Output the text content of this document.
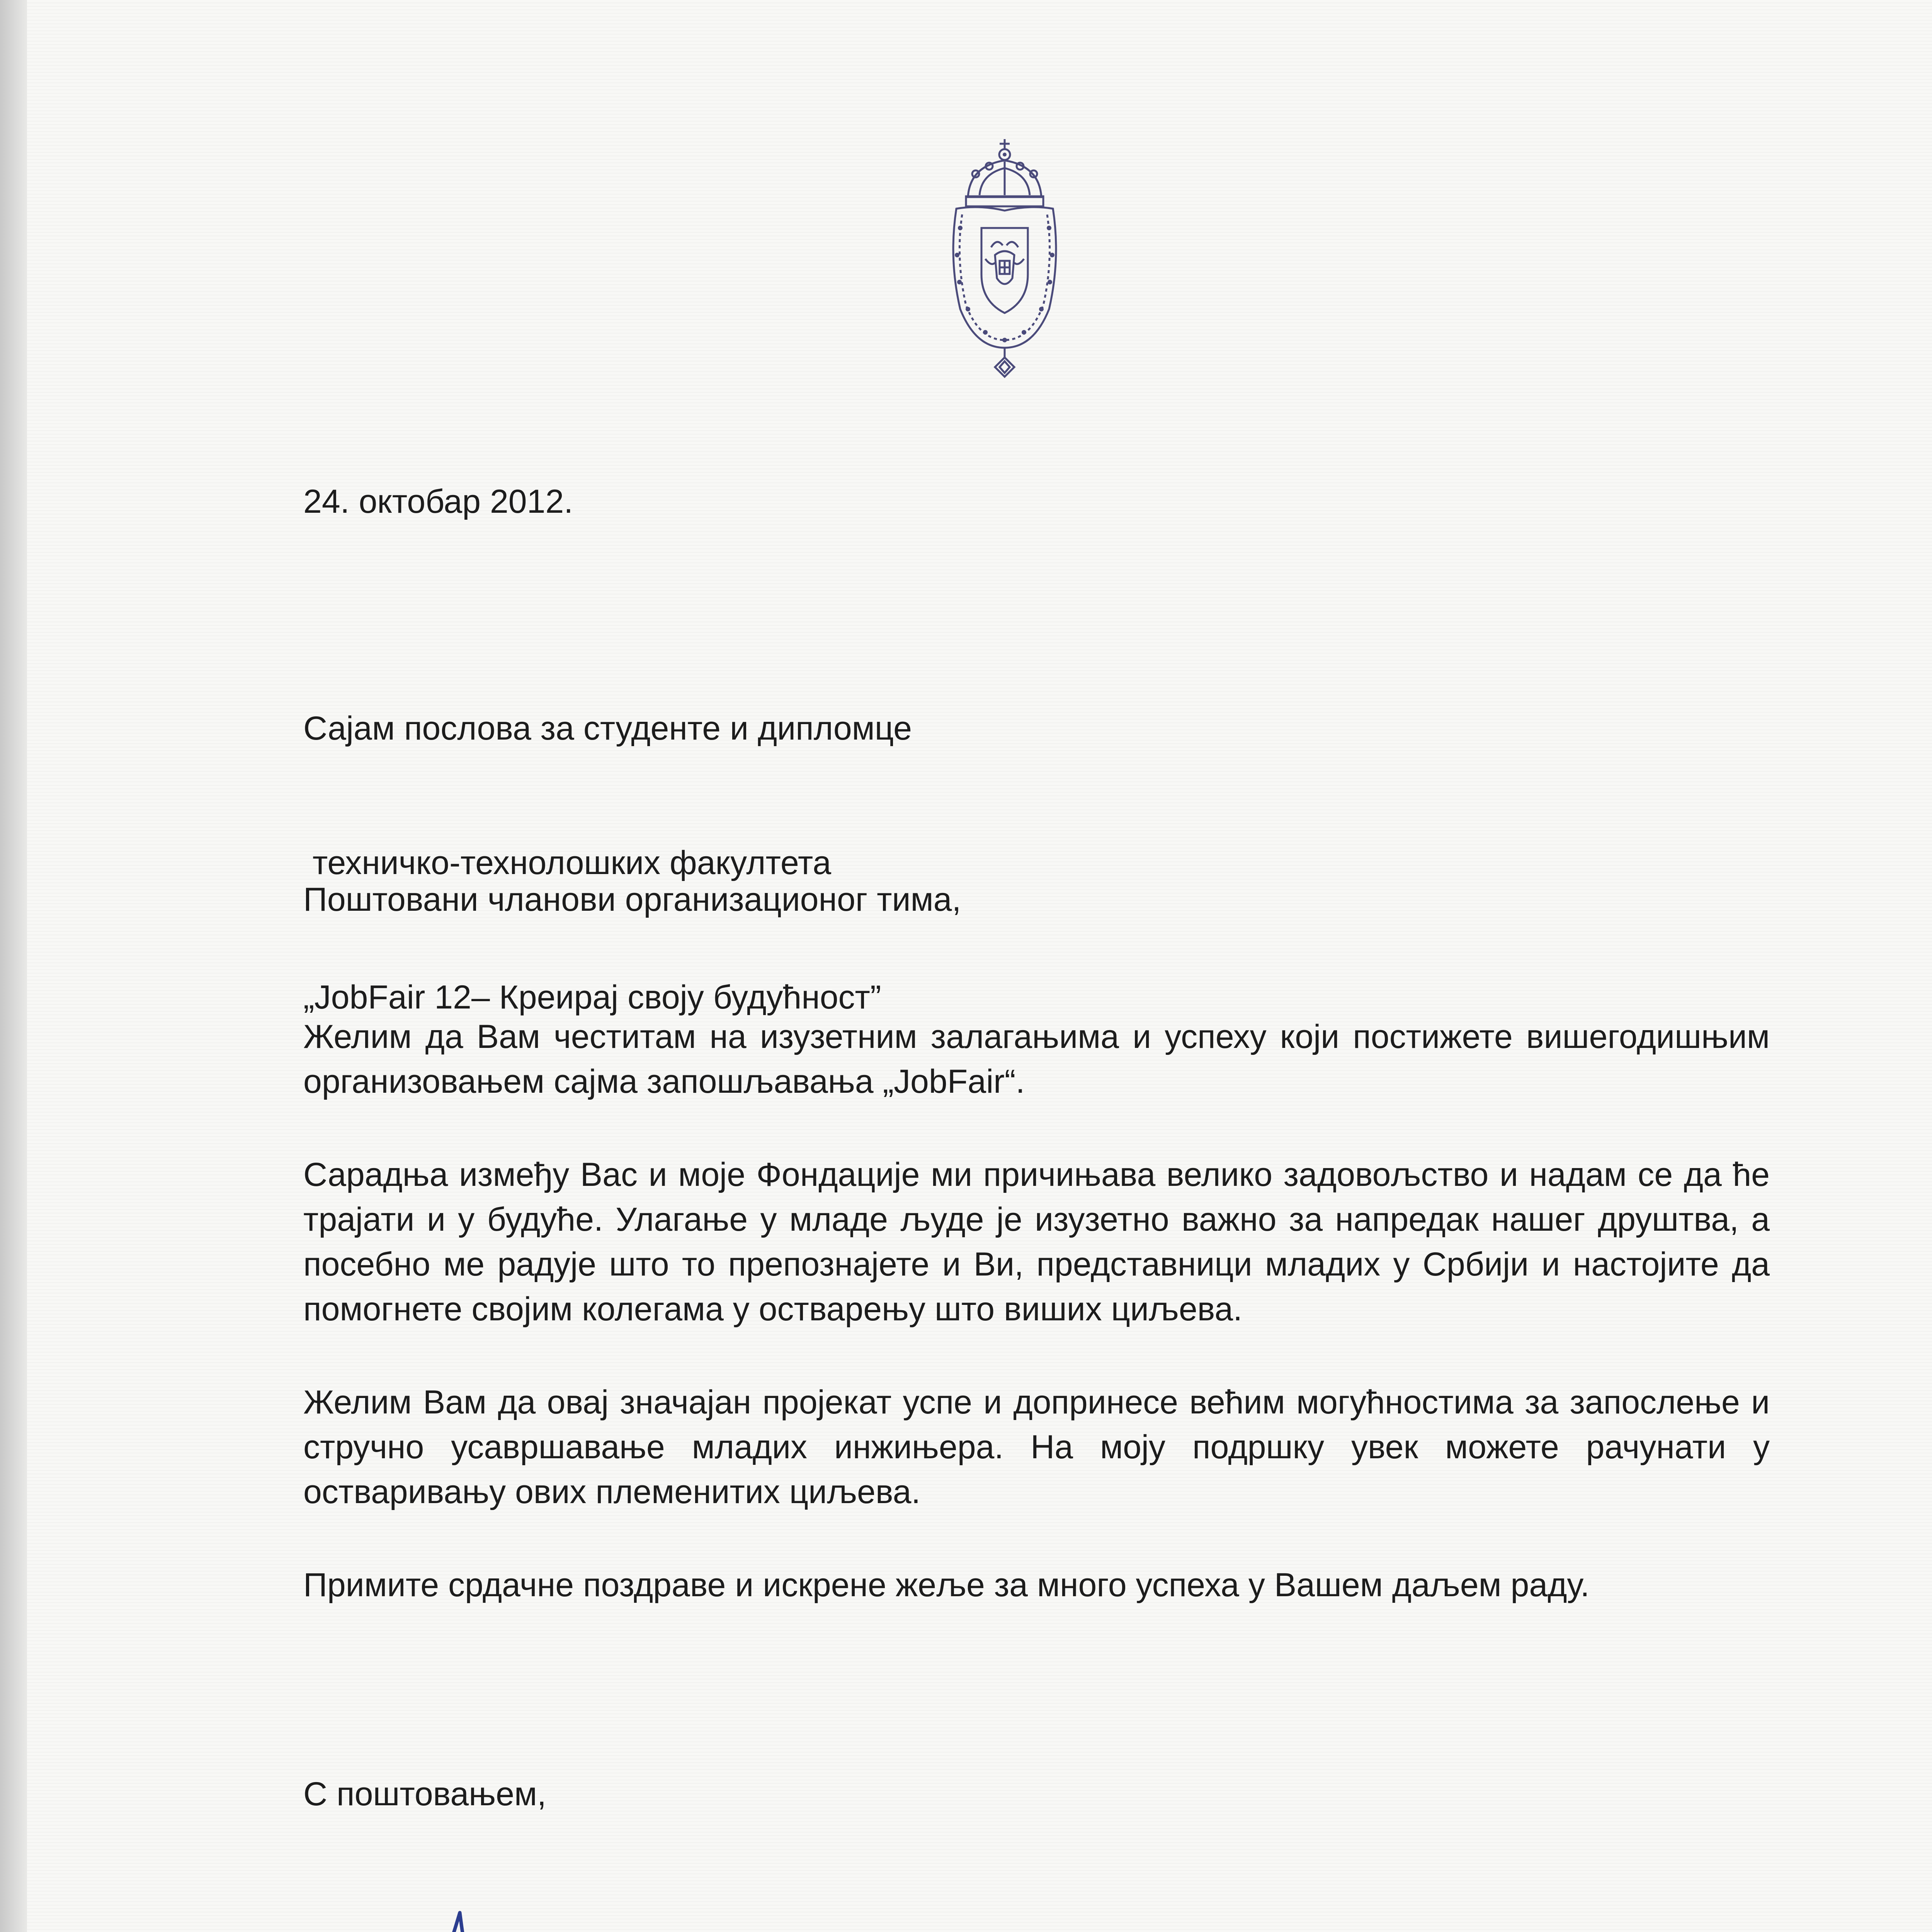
24. октобар 2012.

Сајам послова за студенте и дипломце

техничко-технолошких факултета

„JobFair 12– Креирај своју будућност”

Поштовани чланови организационог тима,

Желим да Вам честитам на изузетним залагањима и успеху који постижете вишегодишњим организовањем сајма запошљавања „JobFair“.

Сарадња између Вас и моје Фондације ми причињава велико задовољство и надам се да ће трајати и у будуће. Улагање у младе људе је изузетно важно за напредак нашег друштва, а посебно ме радује што то препознајете и Ви, представници младих у Србији и настојите да помогнете својим колегама у остварењу што виших циљева.

Желим Вам да овај значајан пројекат успе и допринесе већим могућностима за запослење и стручно усавршавање младих инжињера. На моју подршку увек можете рачунати у остваривању ових племенитих циљева.

Примите срдачне поздраве и искрене жеље за много успеха у Вашем даљем раду.

С поштовањем,
